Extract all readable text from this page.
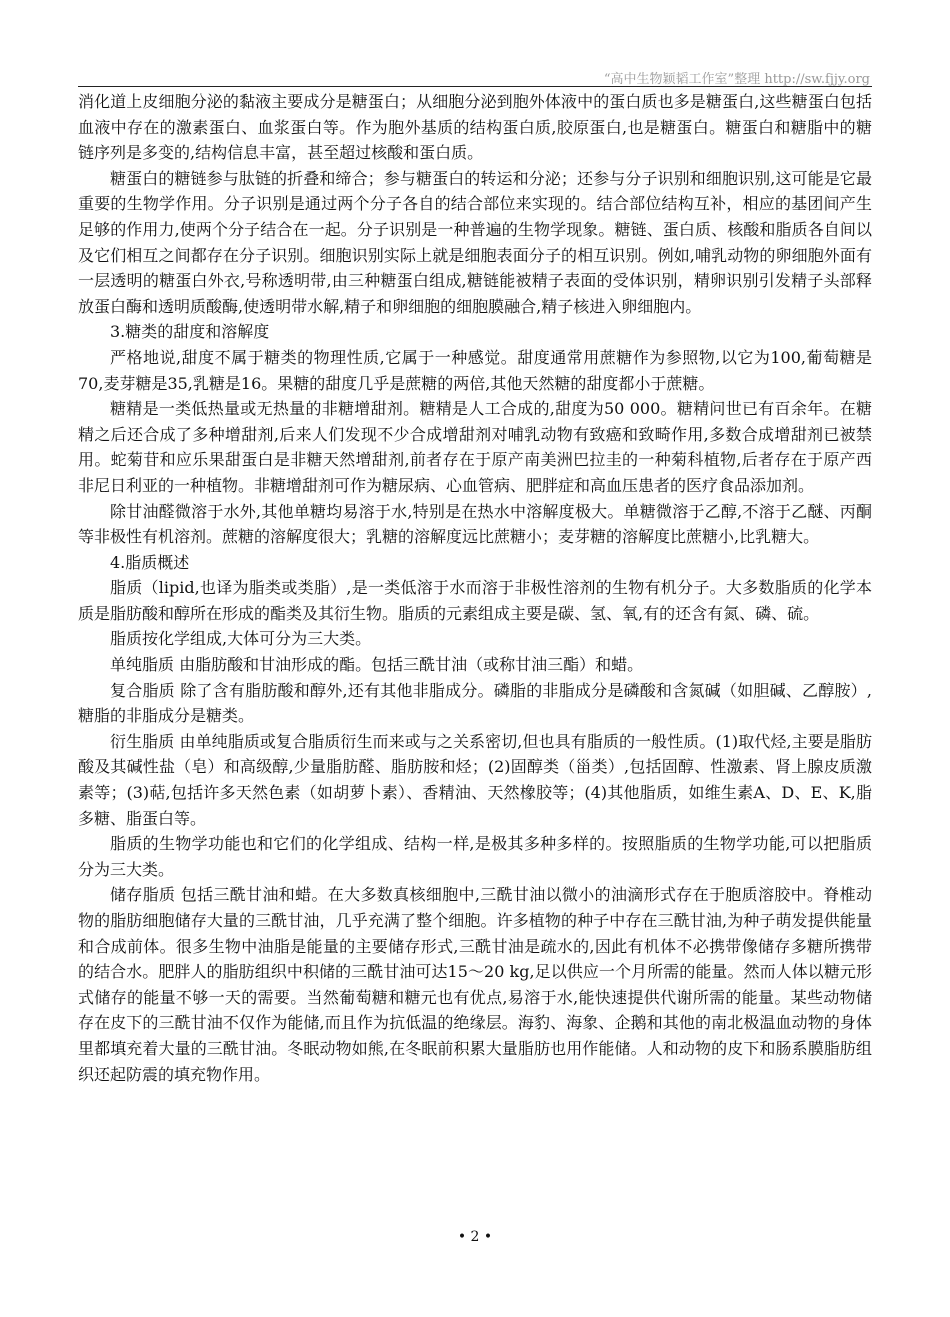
“高中生物颖韬工作室”整理 http://sw.fjjy.org

消化道上皮细胞分泌的黏液主要成分是糖蛋白；从细胞分泌到胞外体液中的蛋白质也多是糖蛋白,这些糖蛋白包括血液中存在的激素蛋白、血浆蛋白等。作为胞外基质的结构蛋白质,胶原蛋白,也是糖蛋白。糖蛋白和糖脂中的糖链序列是多变的,结构信息丰富，甚至超过核酸和蛋白质。

糖蛋白的糖链参与肽链的折叠和缔合；参与糖蛋白的转运和分泌；还参与分子识别和细胞识别,这可能是它最重要的生物学作用。分子识别是通过两个分子各自的结合部位来实现的。结合部位结构互补，相应的基团间产生足够的作用力,使两个分子结合在一起。分子识别是一种普遍的生物学现象。糖链、蛋白质、核酸和脂质各自间以及它们相互之间都存在分子识别。细胞识别实际上就是细胞表面分子的相互识别。例如,哺乳动物的卵细胞外面有一层透明的糖蛋白外衣,号称透明带,由三种糖蛋白组成,糖链能被精子表面的受体识别，精卵识别引发精子头部释放蛋白酶和透明质酸酶,使透明带水解,精子和卵细胞的细胞膜融合,精子核进入卵细胞内。

3.糖类的甜度和溶解度

严格地说,甜度不属于糖类的物理性质,它属于一种感觉。甜度通常用蔗糖作为参照物,以它为100,葡萄糖是70,麦芽糖是35,乳糖是16。果糖的甜度几乎是蔗糖的两倍,其他天然糖的甜度都小于蔗糖。

糖精是一类低热量或无热量的非糖增甜剂。糖精是人工合成的,甜度为50 000。糖精问世已有百余年。在糖精之后还合成了多种增甜剂,后来人们发现不少合成增甜剂对哺乳动物有致癌和致畸作用,多数合成增甜剂已被禁用。蛇菊苷和应乐果甜蛋白是非糖天然增甜剂,前者存在于原产南美洲巴拉圭的一种菊科植物,后者存在于原产西非尼日利亚的一种植物。非糖增甜剂可作为糖尿病、心血管病、肥胖症和高血压患者的医疗食品添加剂。

除甘油醛微溶于水外,其他单糖均易溶于水,特别是在热水中溶解度极大。单糖微溶于乙醇,不溶于乙醚、丙酮等非极性有机溶剂。蔗糖的溶解度很大；乳糖的溶解度远比蔗糖小；麦芽糖的溶解度比蔗糖小,比乳糖大。

4.脂质概述

脂质（lipid,也译为脂类或类脂）,是一类低溶于水而溶于非极性溶剂的生物有机分子。大多数脂质的化学本质是脂肪酸和醇所在形成的酯类及其衍生物。脂质的元素组成主要是碳、氢、氧,有的还含有氮、磷、硫。

脂质按化学组成,大体可分为三大类。

单纯脂质 由脂肪酸和甘油形成的酯。包括三酰甘油（或称甘油三酯）和蜡。

复合脂质 除了含有脂肪酸和醇外,还有其他非脂成分。磷脂的非脂成分是磷酸和含氮碱（如胆碱、乙醇胺）,糖脂的非脂成分是糖类。

衍生脂质 由单纯脂质或复合脂质衍生而来或与之关系密切,但也具有脂质的一般性质。(1)取代烃,主要是脂肪酸及其碱性盐（皂）和高级醇,少量脂肪醛、脂肪胺和烃；(2)固醇类（甾类）,包括固醇、性激素、肾上腺皮质激素等；(3)萜,包括许多天然色素（如胡萝卜素）、香精油、天然橡胶等；(4)其他脂质，如维生素A、D、E、K,脂多糖、脂蛋白等。

脂质的生物学功能也和它们的化学组成、结构一样,是极其多种多样的。按照脂质的生物学功能,可以把脂质分为三大类。

储存脂质 包括三酰甘油和蜡。在大多数真核细胞中,三酰甘油以微小的油滴形式存在于胞质溶胶中。脊椎动物的脂肪细胞储存大量的三酰甘油，几乎充满了整个细胞。许多植物的种子中存在三酰甘油,为种子萌发提供能量和合成前体。很多生物中油脂是能量的主要储存形式,三酰甘油是疏水的,因此有机体不必携带像储存多糖所携带的结合水。肥胖人的脂肪组织中积储的三酰甘油可达15～20 kg,足以供应一个月所需的能量。然而人体以糖元形式储存的能量不够一天的需要。当然葡萄糖和糖元也有优点,易溶于水,能快速提供代谢所需的能量。某些动物储存在皮下的三酰甘油不仅作为能储,而且作为抗低温的绝缘层。海豹、海象、企鹅和其他的南北极温血动物的身体里都填充着大量的三酰甘油。冬眠动物如熊,在冬眠前积累大量脂肪也用作能储。人和动物的皮下和肠系膜脂肪组织还起防震的填充物作用。

• 2 •
